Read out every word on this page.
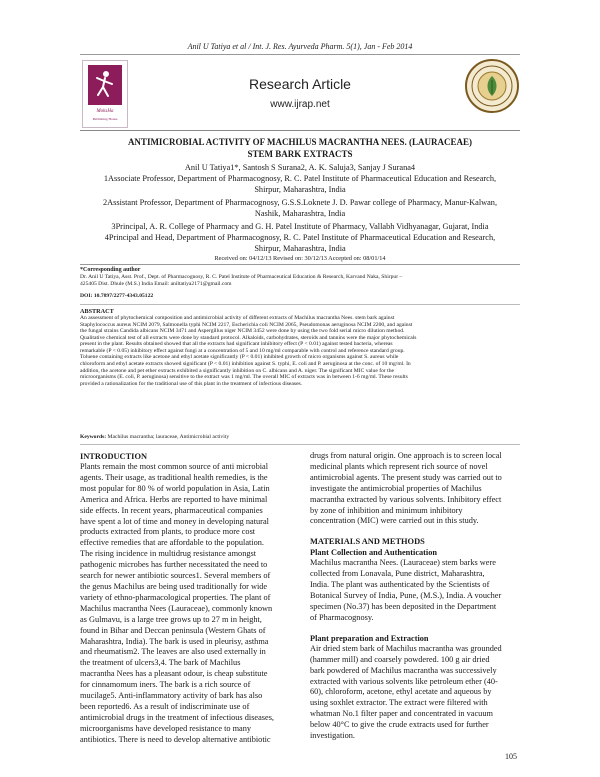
Anil U Tatiya et al / Int. J. Res. Ayurveda Pharm. 5(1), Jan - Feb 2014
MoksHa
Publishing House
Research Article
www.ijrap.net
ANTIMICROBIAL ACTIVITY OF MACHILUS MACRANTHA NEES. (LAURACEAE)
STEM BARK EXTRACTS
Anil U Tatiya1*, Santosh S Surana2, A. K. Saluja3, Sanjay J Surana4
1Associate Professor, Department of Pharmacognosy, R. C. Patel Institute of Pharmaceutical Education and Research,
Shirpur, Maharashtra, India
2Assistant Professor, Department of Pharmacognosy, G.S.S.Loknete J. D. Pawar college of Pharmacy, Manur-Kalwan,
Nashik, Maharashtra, India
3Principal, A. R. College of Pharmacy and G. H. Patel Institute of Pharmacy, Vallabh Vidhyanagar, Gujarat, India
4Principal and Head, Department of Pharmacognosy, R. C. Patel Institute of Pharmaceutical Education and Research,
Shirpur, Maharashtra, India
Received on: 04/12/13 Revised on: 30/12/13 Accepted on: 08/01/14
*Corresponding author
Dr. Anil U Tatiya, Asst. Prof., Dept. of Pharmacognosy, R. C. Patel Institute of Pharmaceutical Education & Research, Karvand Naka, Shirpur –
425405 Dist. Dhule (M.S.) India Email: aniltatiya2171@gmail.com
DOI: 10.7897/2277-4343.05122
ABSTRACT
An assessment of phytochemical composition and antimicrobial activity of different extracts of Machilus macrantha Nees. stem bark against
Staphylococcus aureus NCIM 2079, Salmonella typhi NCIM 2217, Escherichia coli NCIM 2065, Pseudomonas aeruginosa NCIM 2200, and against
the fungal strains Candida albicans NCIM 3471 and Aspergillus niger NCIM 3452 were done by using the two fold serial micro dilution method.
Qualitative chemical test of all extracts were done by standard protocol. Alkaloids, carbohydrates, steroids and tannins were the major phytochemicals
present in the plant. Results obtained showed that all the extracts had significant inhibitory effect (P < 0.01) against tested bacteria, whereas
remarkable (P < 0.05) inhibitory effect against fungi at a concentration of 5 and 10 mg/ml comparable with control and reference standard group.
Toluene containing extracts like acetone and ethyl acetate significantly (P < 0.01) inhibited growth of micro organisms against S. aureus while
chloroform and ethyl acetate extracts showed significant (P < 0.01) inhibition against S. typhi, E. coli and P. aeruginosa at the conc. of 10 mg/ml. In
addition, the acetone and pet ether extracts exhibited a significantly inhibition on C. albicans and A. niger. The significant MIC value for the
microorganisms (E. coli, P. aeruginosa) sensitive to the extract was 1 mg/ml. The overall MIC of extracts was in between 1-6 mg/ml. These results
provided a rationalization for the traditional use of this plant in the treatment of infectious diseases.
Keywords: Machilus macrantha; lauraceae, Antimicrobial activity
INTRODUCTION
Plants remain the most common source of anti microbial
agents. Their usage, as traditional health remedies, is the
most popular for 80 % of world population in Asia, Latin
America and Africa. Herbs are reported to have minimal
side effects. In recent years, pharmaceutical companies
have spent a lot of time and money in developing natural
products extracted from plants, to produce more cost
effective remedies that are affordable to the population.
The rising incidence in multidrug resistance amongst
pathogenic microbes has further necessitated the need to
search for newer antibiotic sources1. Several members of
the genus Machilus are being used traditionally for wide
variety of ethno-pharmacological properties. The plant of
Machilus macrantha Nees (Lauraceae), commonly known
as Gulmavu, is a large tree grows up to 27 m in height,
found in Bihar and Deccan peninsula (Western Ghats of
Maharashtra, India). The bark is used in pleurisy, asthma
and rheumatism2. The leaves are also used externally in
the treatment of ulcers3,4. The bark of Machilus
macrantha Nees has a pleasant odour, is cheap substitute
for cinnamomum iners. The bark is a rich source of
mucilage5. Anti-inflammatory activity of bark has also
been reported6. As a result of indiscriminate use of
antimicrobial drugs in the treatment of infectious diseases,
microorganisms have developed resistance to many
antibiotics. There is need to develop alternative antibiotic
drugs from natural origin. One approach is to screen local
medicinal plants which represent rich source of novel
antimicrobial agents. The present study was carried out to
investigate the antimicrobial properties of Machilus
macrantha extracted by various solvents. Inhibitory effect
by zone of inhibition and minimum inhibitory
concentration (MIC) were carried out in this study.
MATERIALS AND METHODS
Plant Collection and Authentication
Machilus macrantha Nees. (Lauraceae) stem barks were
collected from Lonavala, Pune district, Maharashtra,
India. The plant was authenticated by the Scientists of
Botanical Survey of India, Pune, (M.S.), India. A voucher
specimen (No.37) has been deposited in the Department
of Pharmacognosy.
Plant preparation and Extraction
Air dried stem bark of Machilus macrantha was grounded
(hammer mill) and coarsely powdered. 100 g air dried
bark powdered of Machilus macrantha was successively
extracted with various solvents like petroleum ether (40-
60), chloroform, acetone, ethyl acetate and aqueous by
using soxhlet extractor. The extract were filtered with
whatman No.1 filter paper and concentrated in vacuum
below 40°C to give the crude extracts used for further
investigation.
105
